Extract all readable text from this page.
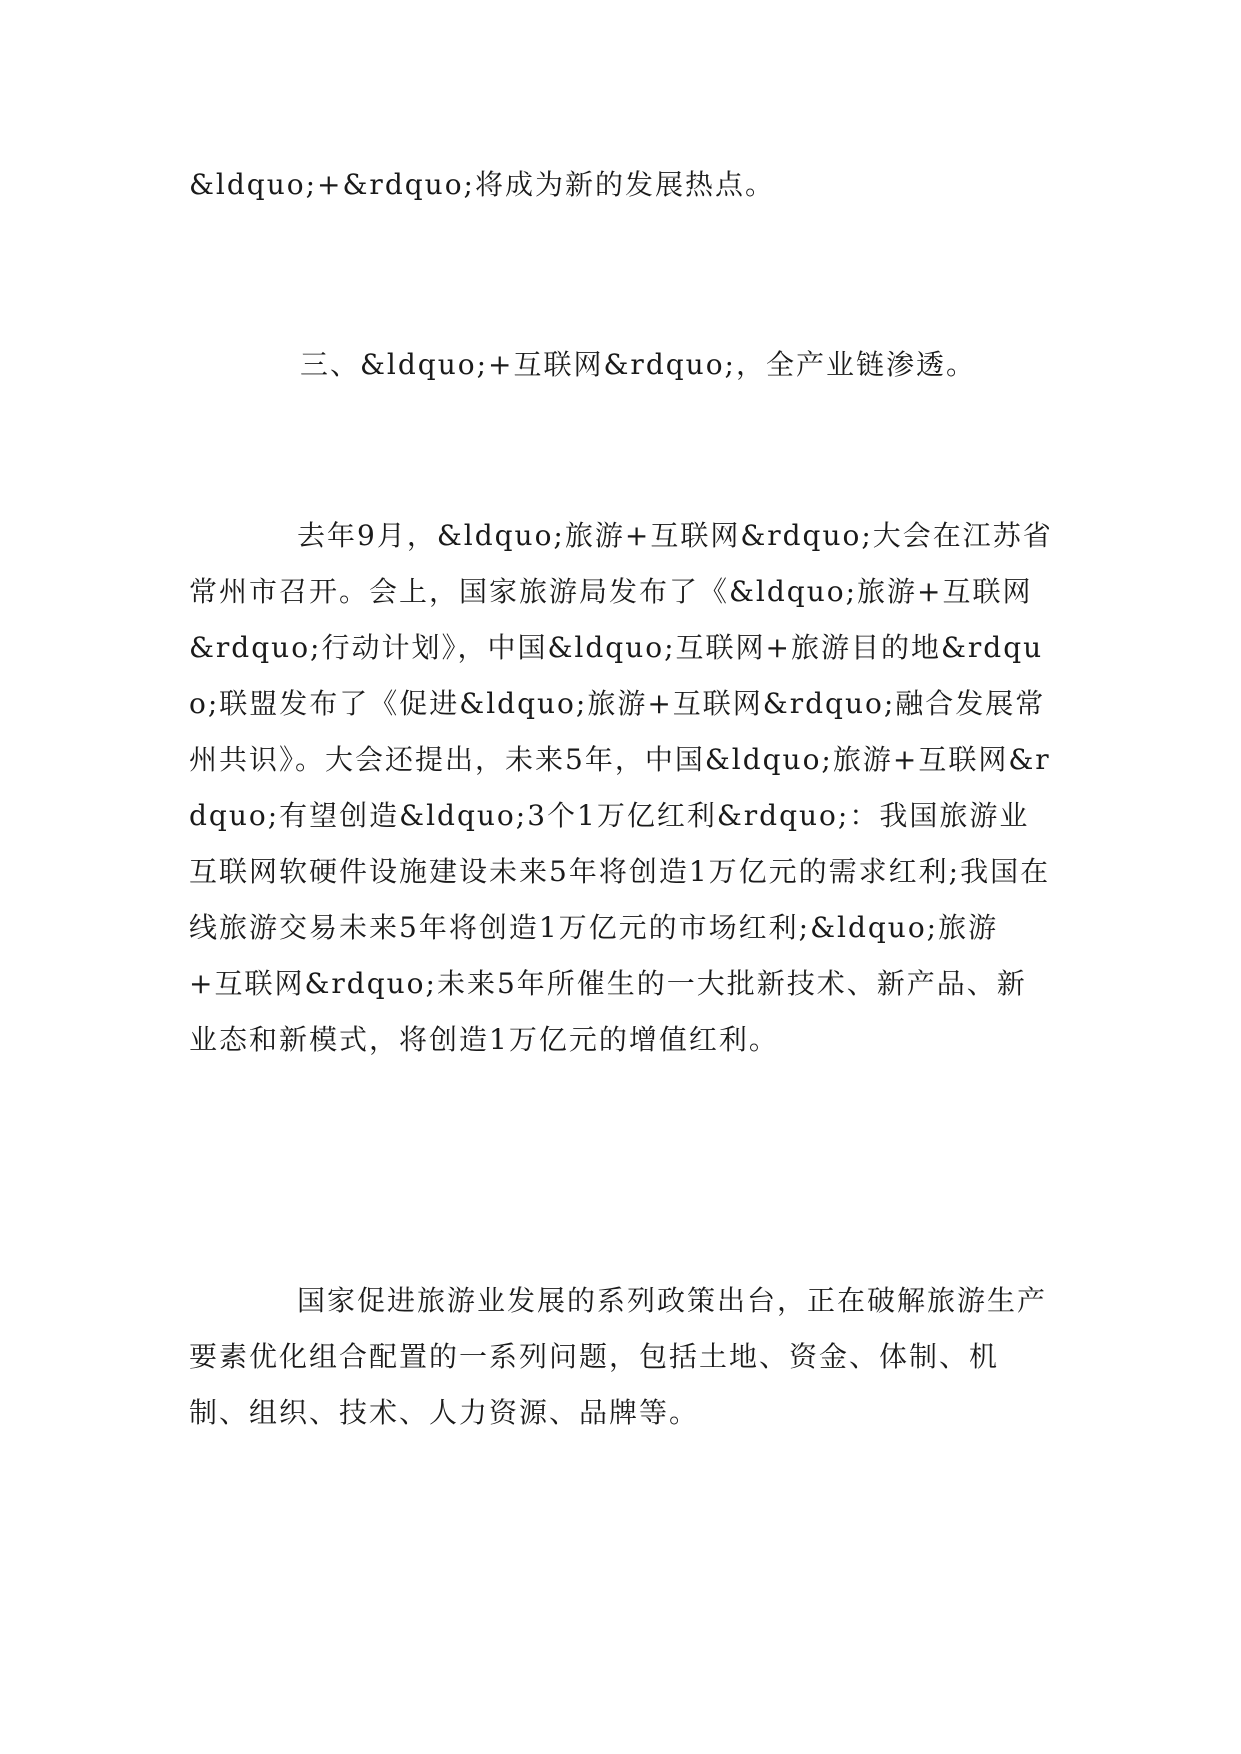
&ldquo;+&rdquo;将成为新的发展热点。

三、&ldquo;+互联网&rdquo;，全产业链渗透。

去年9月，&ldquo;旅游+互联网&rdquo;大会在江苏省常州市召开。会上，国家旅游局发布了《&ldquo;旅游+互联网&rdquo;行动计划》，中国&ldquo;互联网+旅游目的地&rdquo;联盟发布了《促进&ldquo;旅游+互联网&rdquo;融合发展常州共识》。大会还提出，未来5年，中国&ldquo;旅游+互联网&rdquo;有望创造&ldquo;3个1万亿红利&rdquo;：我国旅游业互联网软硬件设施建设未来5年将创造1万亿元的需求红利;我国在线旅游交易未来5年将创造1万亿元的市场红利;&ldquo;旅游+互联网&rdquo;未来5年所催生的一大批新技术、新产品、新业态和新模式，将创造1万亿元的增值红利。

国家促进旅游业发展的系列政策出台，正在破解旅游生产要素优化组合配置的一系列问题，包括土地、资金、体制、机制、组织、技术、人力资源、品牌等。
